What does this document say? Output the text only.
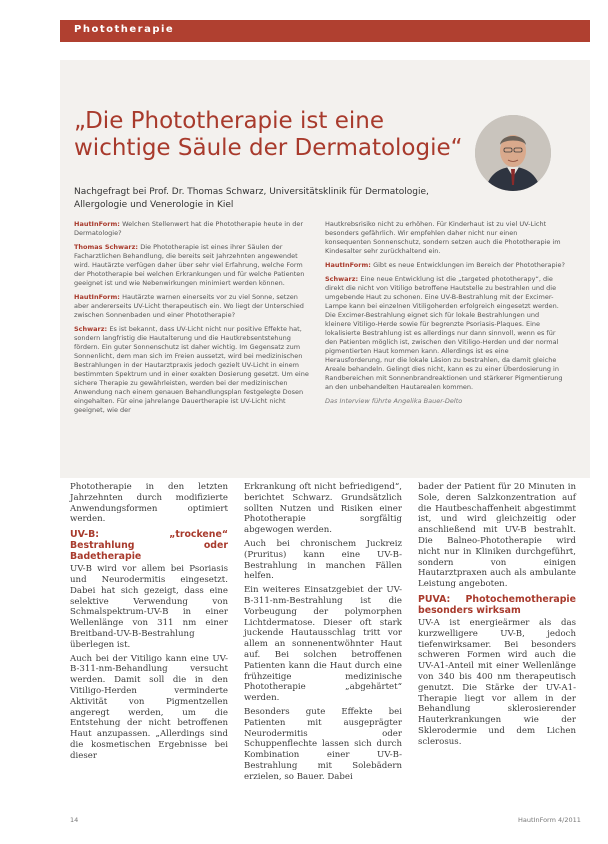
Phototherapie
„Die Phototherapie ist eine
wichtige Säule der Dermatologie“

Nachgefragt bei Prof. Dr. Thomas Schwarz, Universitätsklinik für Dermatologie, Allergologie und Venerologie in Kiel

HautInForm: Welchen Stellenwert hat die Phototherapie heute in der Dermatologie?

Thomas Schwarz: Die Phototherapie ist eines ihrer Säulen der Facharztlichen Behandlung, die bereits seit Jahrzehnten angewendet wird. Hautärzte verfügen daher über sehr viel Erfahrung, welche Form der Phototherapie bei welchen Erkrankungen und für welche Patienten geeignet ist und wie Nebenwirkungen minimiert werden können.

HautInForm: Hautärzte warnen einerseits vor zu viel Sonne, setzen aber andererseits UV-Licht therapeutisch ein. Wo liegt der Unterschied zwischen Sonnenbaden und einer Phototherapie?

Schwarz: Es ist bekannt, dass UV-Licht nicht nur positive Effekte hat, sondern langfristig die Hautalterung und die Hautkrebsentstehung fördern. Ein guter Sonnenschutz ist daher wichtig. Im Gegensatz zum Sonnenlicht, dem man sich im Freien aussetzt, wird bei medizinischen Bestrahlungen in der Hautarztpraxis jedoch gezielt UV-Licht in einem bestimmten Spektrum und in einer exakten Dosierung gesetzt. Um eine sichere Therapie zu gewährleisten, werden bei der medizinischen Anwendung nach einem genauen Behandlungsplan festgelegte Dosen eingehalten. Für eine jahrelange Dauertherapie ist UV-Licht nicht geeignet, wie der

Hautkrebsrisiko nicht zu erhöhen. Für Kinderhaut ist zu viel UV-Licht besonders gefährlich. Wir empfehlen daher nicht nur einen konsequenten Sonnenschutz, sondern setzen auch die Phototherapie im Kindesalter sehr zurückhaltend ein.

HautInForm: Gibt es neue Entwicklungen im Bereich der Phototherapie?

Schwarz: Eine neue Entwicklung ist die „targeted phototherapy“, die direkt die nicht von Vitiligo betroffene Hautstelle zu bestrahlen und die umgebende Haut zu schonen. Eine UV-B-Bestrahlung mit der Excimer-Lampe kann bei einzelnen Vitiligoherden erfolgreich eingesetzt werden. Die Excimer-Bestrahlung eignet sich für lokale Bestrahlungen und kleinere Vitiligo-Herde sowie für begrenzte Psoriasis-Plaques. Eine lokalisierte Bestrahlung ist es allerdings nur dann sinnvoll, wenn es für den Patienten möglich ist, zwischen den Vitiligo-Herden und der normal pigmentierten Haut kommen kann. Allerdings ist es eine Herausforderung, nur die lokale Läsion zu bestrahlen, da damit gleiche Areale behandeln. Gelingt dies nicht, kann es zu einer Überdosierung in Randbereichen mit Sonnenbrandreaktionen und stärkerer Pigmentierung an den unbehandelten Hautarealen kommen.

Das Interview führte Angelika Bauer-Delto

Phototherapie in den letzten Jahrzehnten durch modifizierte Anwendungsformen optimiert werden.

UV-B: „trockene“ Bestrahlung oder Badetherapie

UV-B wird vor allem bei Psoriasis und Neurodermitis eingesetzt. Dabei hat sich gezeigt, dass eine selektive Verwendung von Schmalspektrum-UV-B in einer Wellenlänge von 311 nm einer Breitband-UV-B-Bestrahlung überlegen ist.

Auch bei der Vitiligo kann eine UV-B-311-nm-Behandlung versucht werden. Damit soll die in den Vitiligo-Herden verminderte Aktivität von Pigmentzellen angeregt werden, um die Entstehung der nicht betroffenen Haut anzupassen. „Allerdings sind die kosmetischen Ergebnisse bei dieser

Erkrankung oft nicht befriedigend“, berichtet Schwarz. Grundsätzlich sollten Nutzen und Risiken einer Phototherapie sorgfältig abgewogen werden.

Auch bei chronischem Juckreiz (Pruritus) kann eine UV-B-Bestrahlung in manchen Fällen helfen.

Ein weiteres Einsatzgebiet der UV-B-311-nm-Bestrahlung ist die Vorbeugung der polymorphen Lichtdermatose. Dieser oft stark juckende Hautausschlag tritt vor allem an sonnenentwöhnter Haut auf. Bei solchen betroffenen Patienten kann die Haut durch eine frühzeitige medizinische Phototherapie „abgehärtet“ werden.

Besonders gute Effekte bei Patienten mit ausgeprägter Neurodermitis oder Schuppenflechte lassen sich durch Kombination einer UV-B-Bestrahlung mit Solebädern erzielen, so Bauer. Dabei

bader der Patient für 20 Minuten in Sole, deren Salzkonzentration auf die Hautbeschaffenheit abgestimmt ist, und wird gleichzeitig oder anschließend mit UV-B bestrahlt. Die Balneo-Phototherapie wird nicht nur in Kliniken durchgeführt, sondern von einigen Hautarztpraxen auch als ambulante Leistung angeboten.

PUVA: Photochemotherapie besonders wirksam

UV-A ist energieärmer als das kurzwelligere UV-B, jedoch tiefenwirksamer. Bei besonders schweren Formen wird auch die UV-A1-Anteil mit einer Wellenlänge von 340 bis 400 nm therapeutisch genutzt. Die Stärke der UV-A1-Therapie liegt vor allem in der Behandlung sklerosierender Hauterkrankungen wie der Sklerodermie und dem Lichen sclerosus.

14	HautInForm 4/2011
